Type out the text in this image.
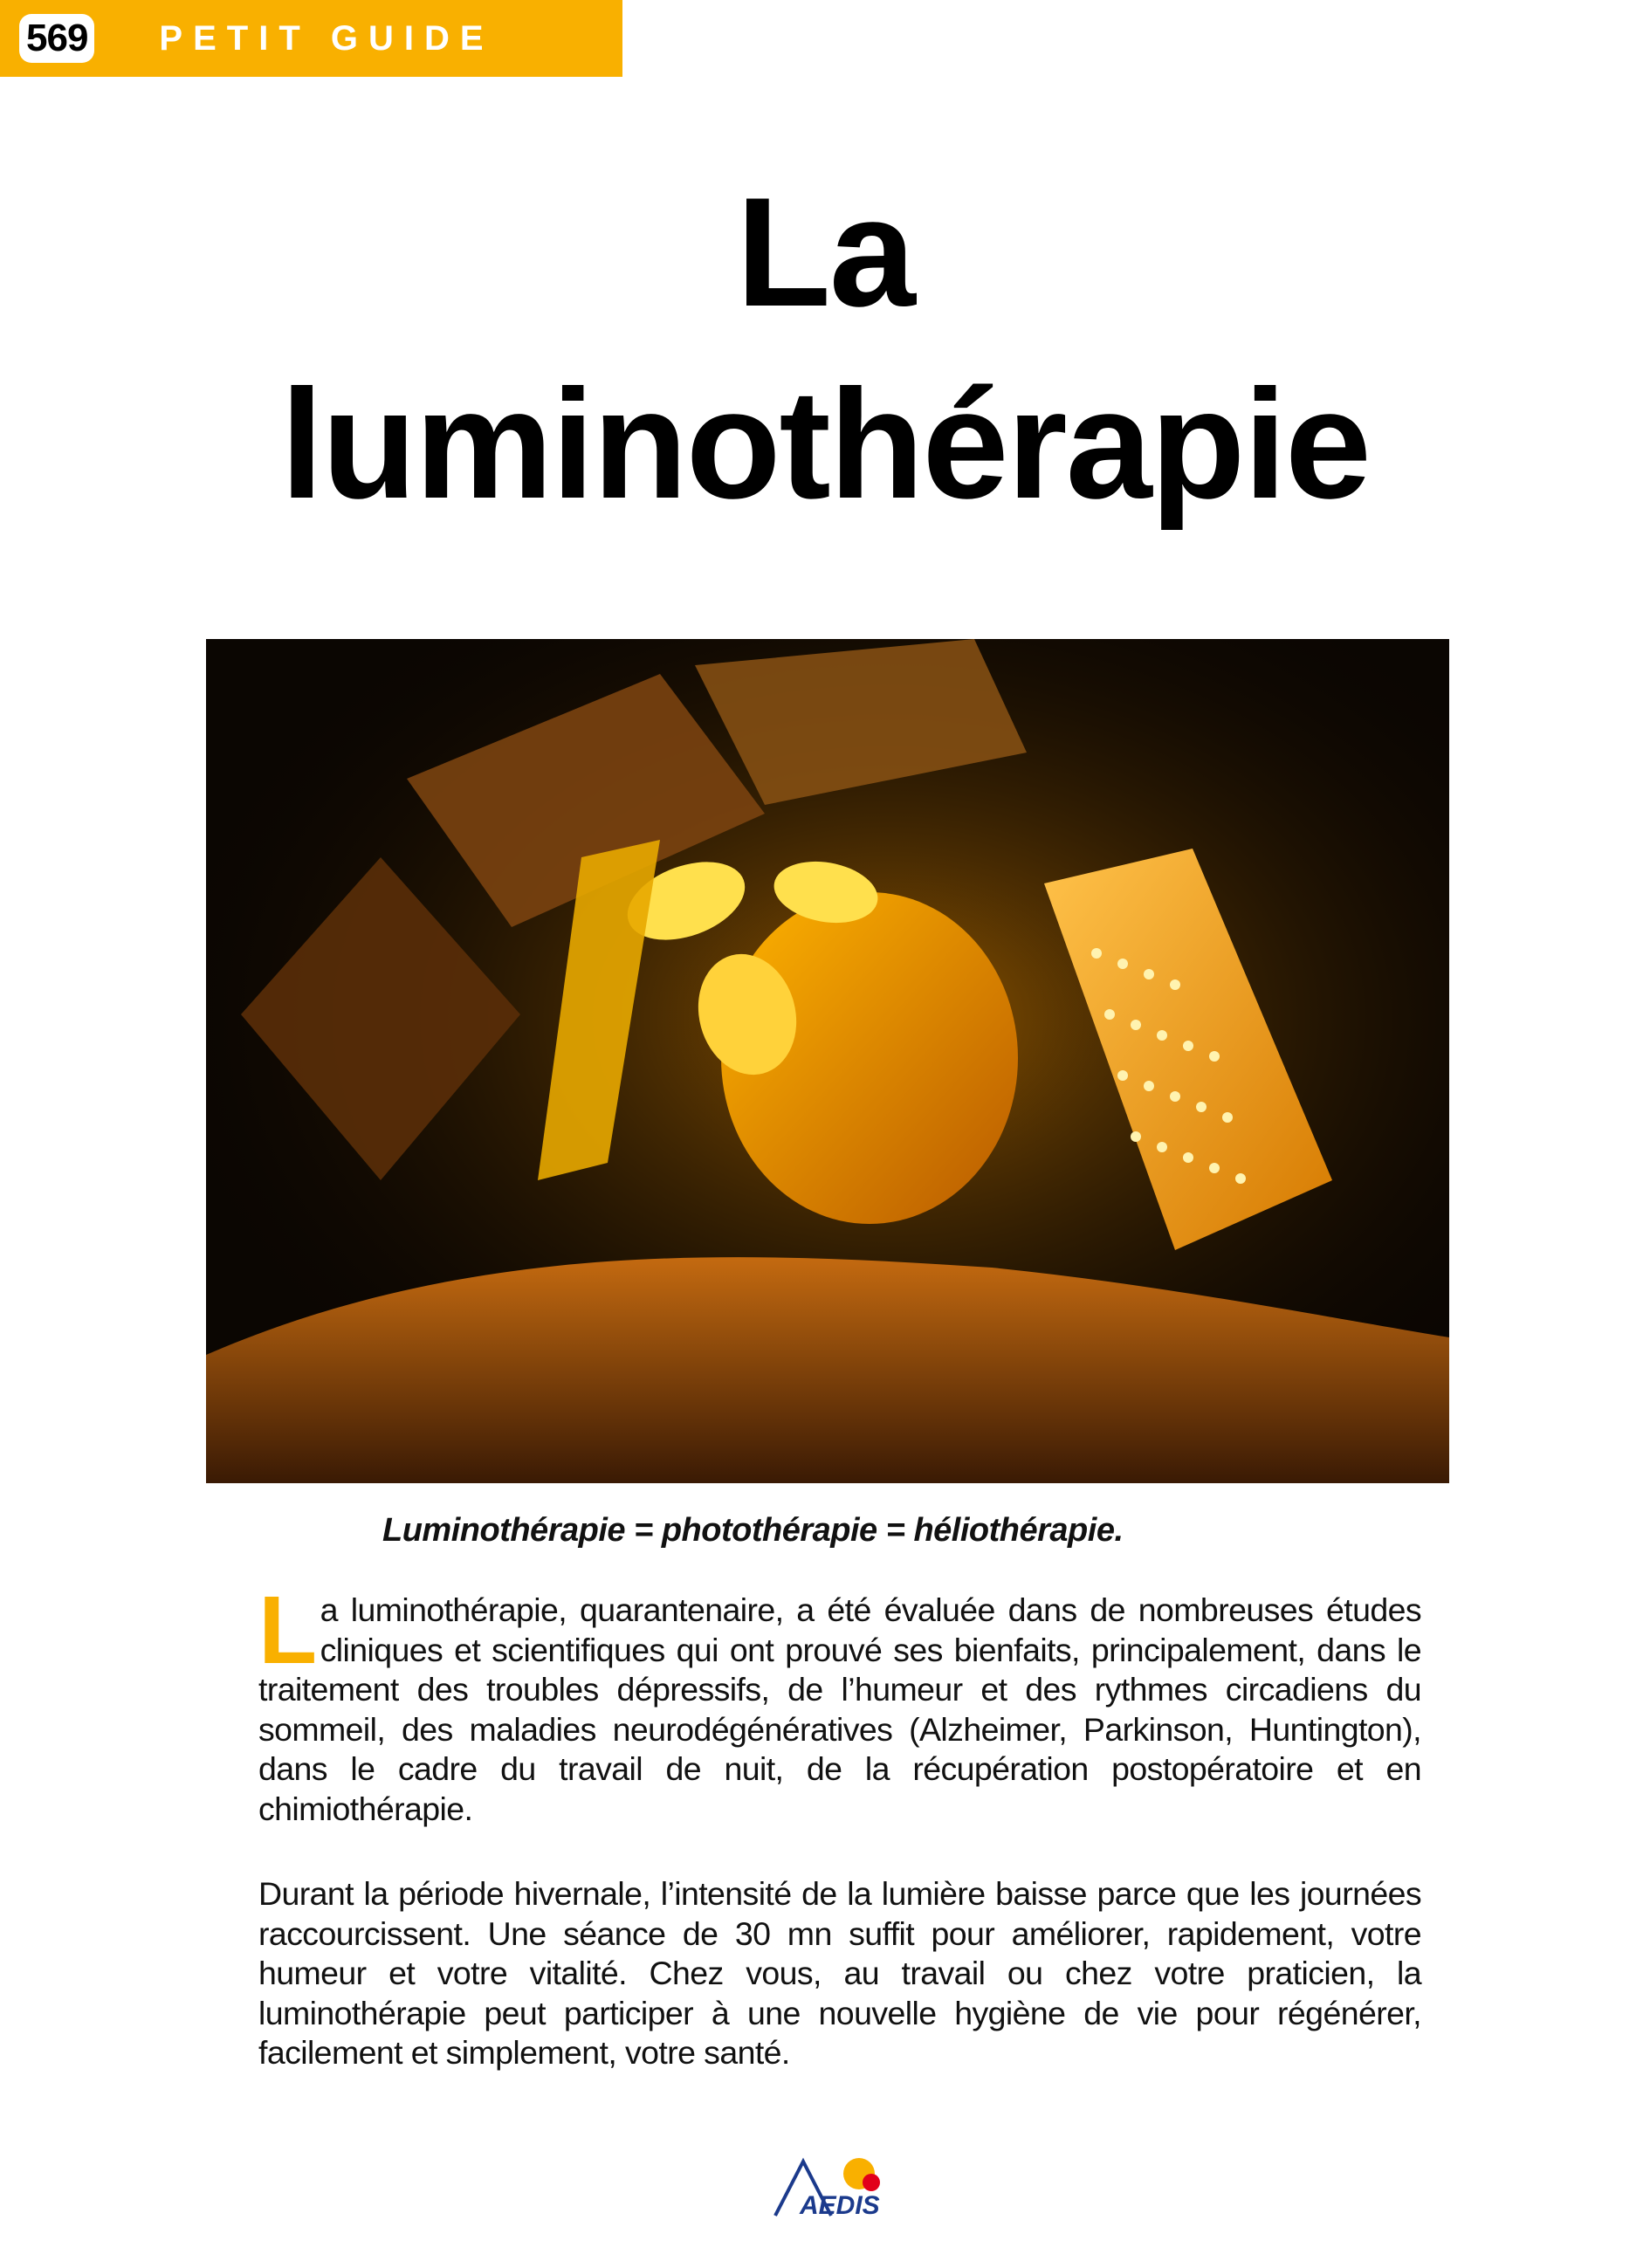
569 PETIT GUIDE
La
luminothérapie
Luminothérapie = photothérapie = héliothérapie.
La luminothérapie, quarantenaire, a été évaluée dans de nombreuses études cliniques et scientifiques qui ont prouvé ses bienfaits, principalement, dans le traitement des troubles dépressifs, de l’humeur et des rythmes circadiens du sommeil, des maladies neurodégénératives (Alzheimer, Parkinson, Huntington), dans le cadre du travail de nuit, de la récupération postopératoire et en chimiothérapie.
Durant la période hivernale, l’intensité de la lumière baisse parce que les journées raccourcissent. Une séance de 30 mn suffit pour améliorer, rapidement, votre humeur et votre vitalité. Chez vous, au travail ou chez votre praticien, la luminothérapie peut participer à une nouvelle hygiène de vie pour régénérer, facilement et simplement, votre santé.
AEDIS
